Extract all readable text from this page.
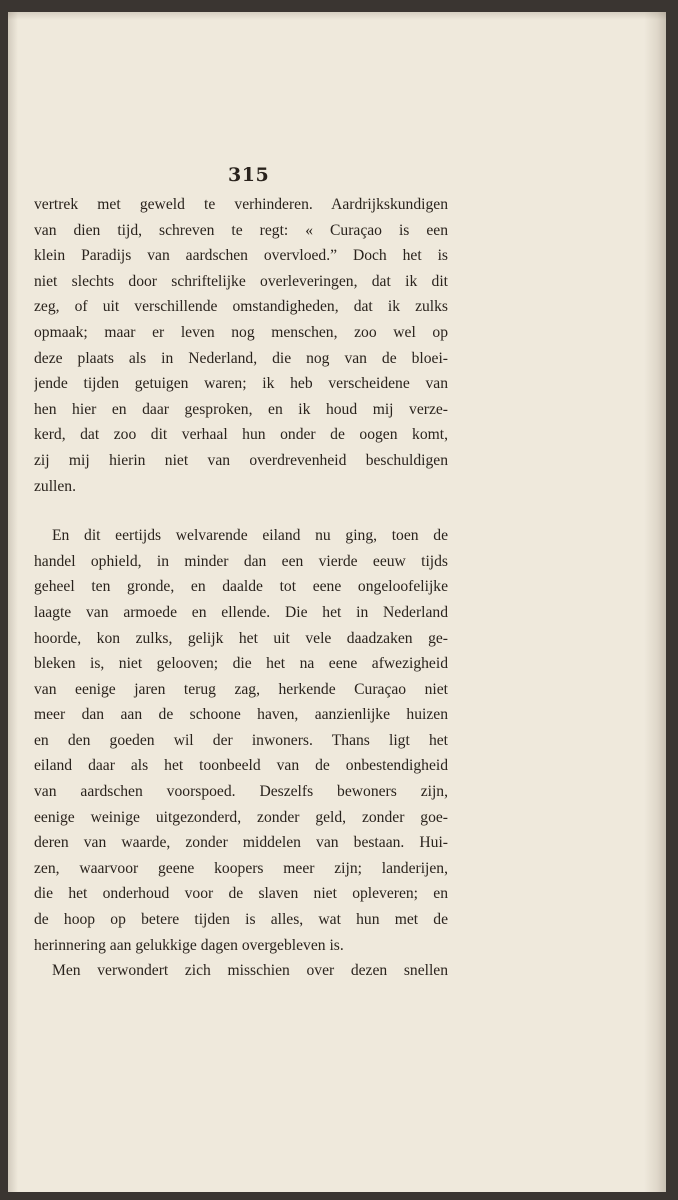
315
vertrek met geweld te verhinderen. Aardrijkskundigen
van dien tijd, schreven te regt: « Curaçao is een
klein Paradijs van aardschen overvloed.” Doch het is
niet slechts door schriftelijke overleveringen, dat ik dit
zeg, of uit verschillende omstandigheden, dat ik zulks
opmaak; maar er leven nog menschen, zoo wel op
deze plaats als in Nederland, die nog van de bloei-
jende tijden getuigen waren; ik heb verscheidene van
hen hier en daar gesproken, en ik houd mij verze-
kerd, dat zoo dit verhaal hun onder de oogen komt,
zij mij hierin niet van overdrevenheid beschuldigen
zullen.
En dit eertijds welvarende eiland nu ging, toen de
handel ophield, in minder dan een vierde eeuw tijds
geheel ten gronde, en daalde tot eene ongeloofelijke
laagte van armoede en ellende. Die het in Nederland
hoorde, kon zulks, gelijk het uit vele daadzaken ge-
bleken is, niet gelooven; die het na eene afwezigheid
van eenige jaren terug zag, herkende Curaçao niet
meer dan aan de schoone haven, aanzienlijke huizen
en den goeden wil der inwoners. Thans ligt het
eiland daar als het toonbeeld van de onbestendigheid
van aardschen voorspoed. Deszelfs bewoners zijn,
eenige weinige uitgezonderd, zonder geld, zonder goe-
deren van waarde, zonder middelen van bestaan. Hui-
zen, waarvoor geene koopers meer zijn; landerijen,
die het onderhoud voor de slaven niet opleveren; en
de hoop op betere tijden is alles, wat hun met de
herinnering aan gelukkige dagen overgebleven is.
Men verwondert zich misschien over dezen snellen
